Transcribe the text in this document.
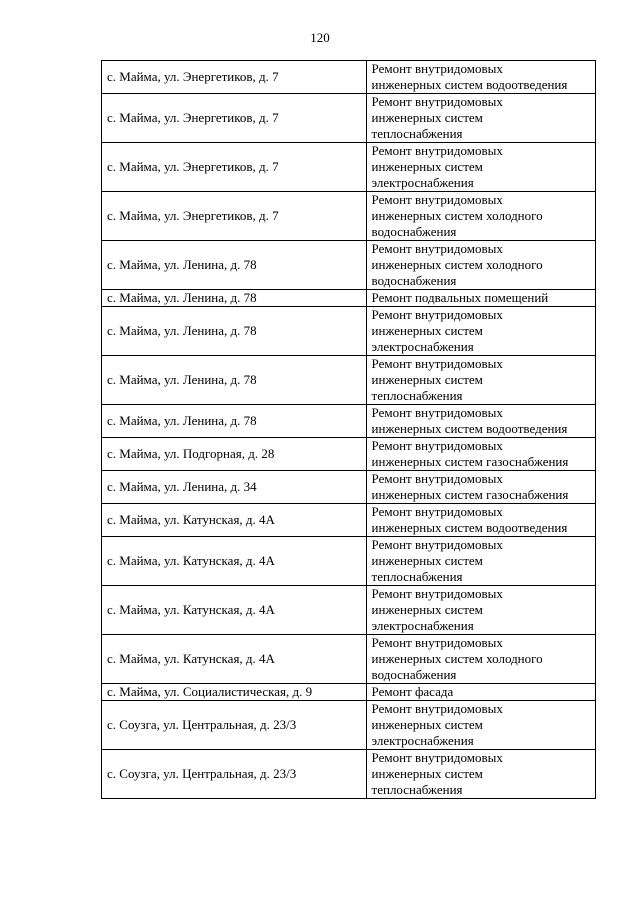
120
с. Майма, ул. Энергетиков, д. 7	Ремонт внутридомовых
инженерных систем водоотведения
с. Майма, ул. Энергетиков, д. 7	Ремонт внутридомовых
инженерных систем
теплоснабжения
с. Майма, ул. Энергетиков, д. 7	Ремонт внутридомовых
инженерных систем
электроснабжения
с. Майма, ул. Энергетиков, д. 7	Ремонт внутридомовых
инженерных систем холодного
водоснабжения
с. Майма, ул. Ленина, д. 78	Ремонт внутридомовых
инженерных систем холодного
водоснабжения
с. Майма, ул. Ленина, д. 78	Ремонт подвальных помещений
с. Майма, ул. Ленина, д. 78	Ремонт внутридомовых
инженерных систем
электроснабжения
с. Майма, ул. Ленина, д. 78	Ремонт внутридомовых
инженерных систем
теплоснабжения
с. Майма, ул. Ленина, д. 78	Ремонт внутридомовых
инженерных систем водоотведения
с. Майма, ул. Подгорная, д. 28	Ремонт внутридомовых
инженерных систем газоснабжения
с. Майма, ул. Ленина, д. 34	Ремонт внутридомовых
инженерных систем газоснабжения
с. Майма, ул. Катунская, д. 4А	Ремонт внутридомовых
инженерных систем водоотведения
с. Майма, ул. Катунская, д. 4А	Ремонт внутридомовых
инженерных систем
теплоснабжения
с. Майма, ул. Катунская, д. 4А	Ремонт внутридомовых
инженерных систем
электроснабжения
с. Майма, ул. Катунская, д. 4А	Ремонт внутридомовых
инженерных систем холодного
водоснабжения
с. Майма, ул. Социалистическая, д. 9	Ремонт фасада
с. Соузга, ул. Центральная, д. 23/3	Ремонт внутридомовых
инженерных систем
электроснабжения
с. Соузга, ул. Центральная, д. 23/3	Ремонт внутридомовых
инженерных систем
теплоснабжения
